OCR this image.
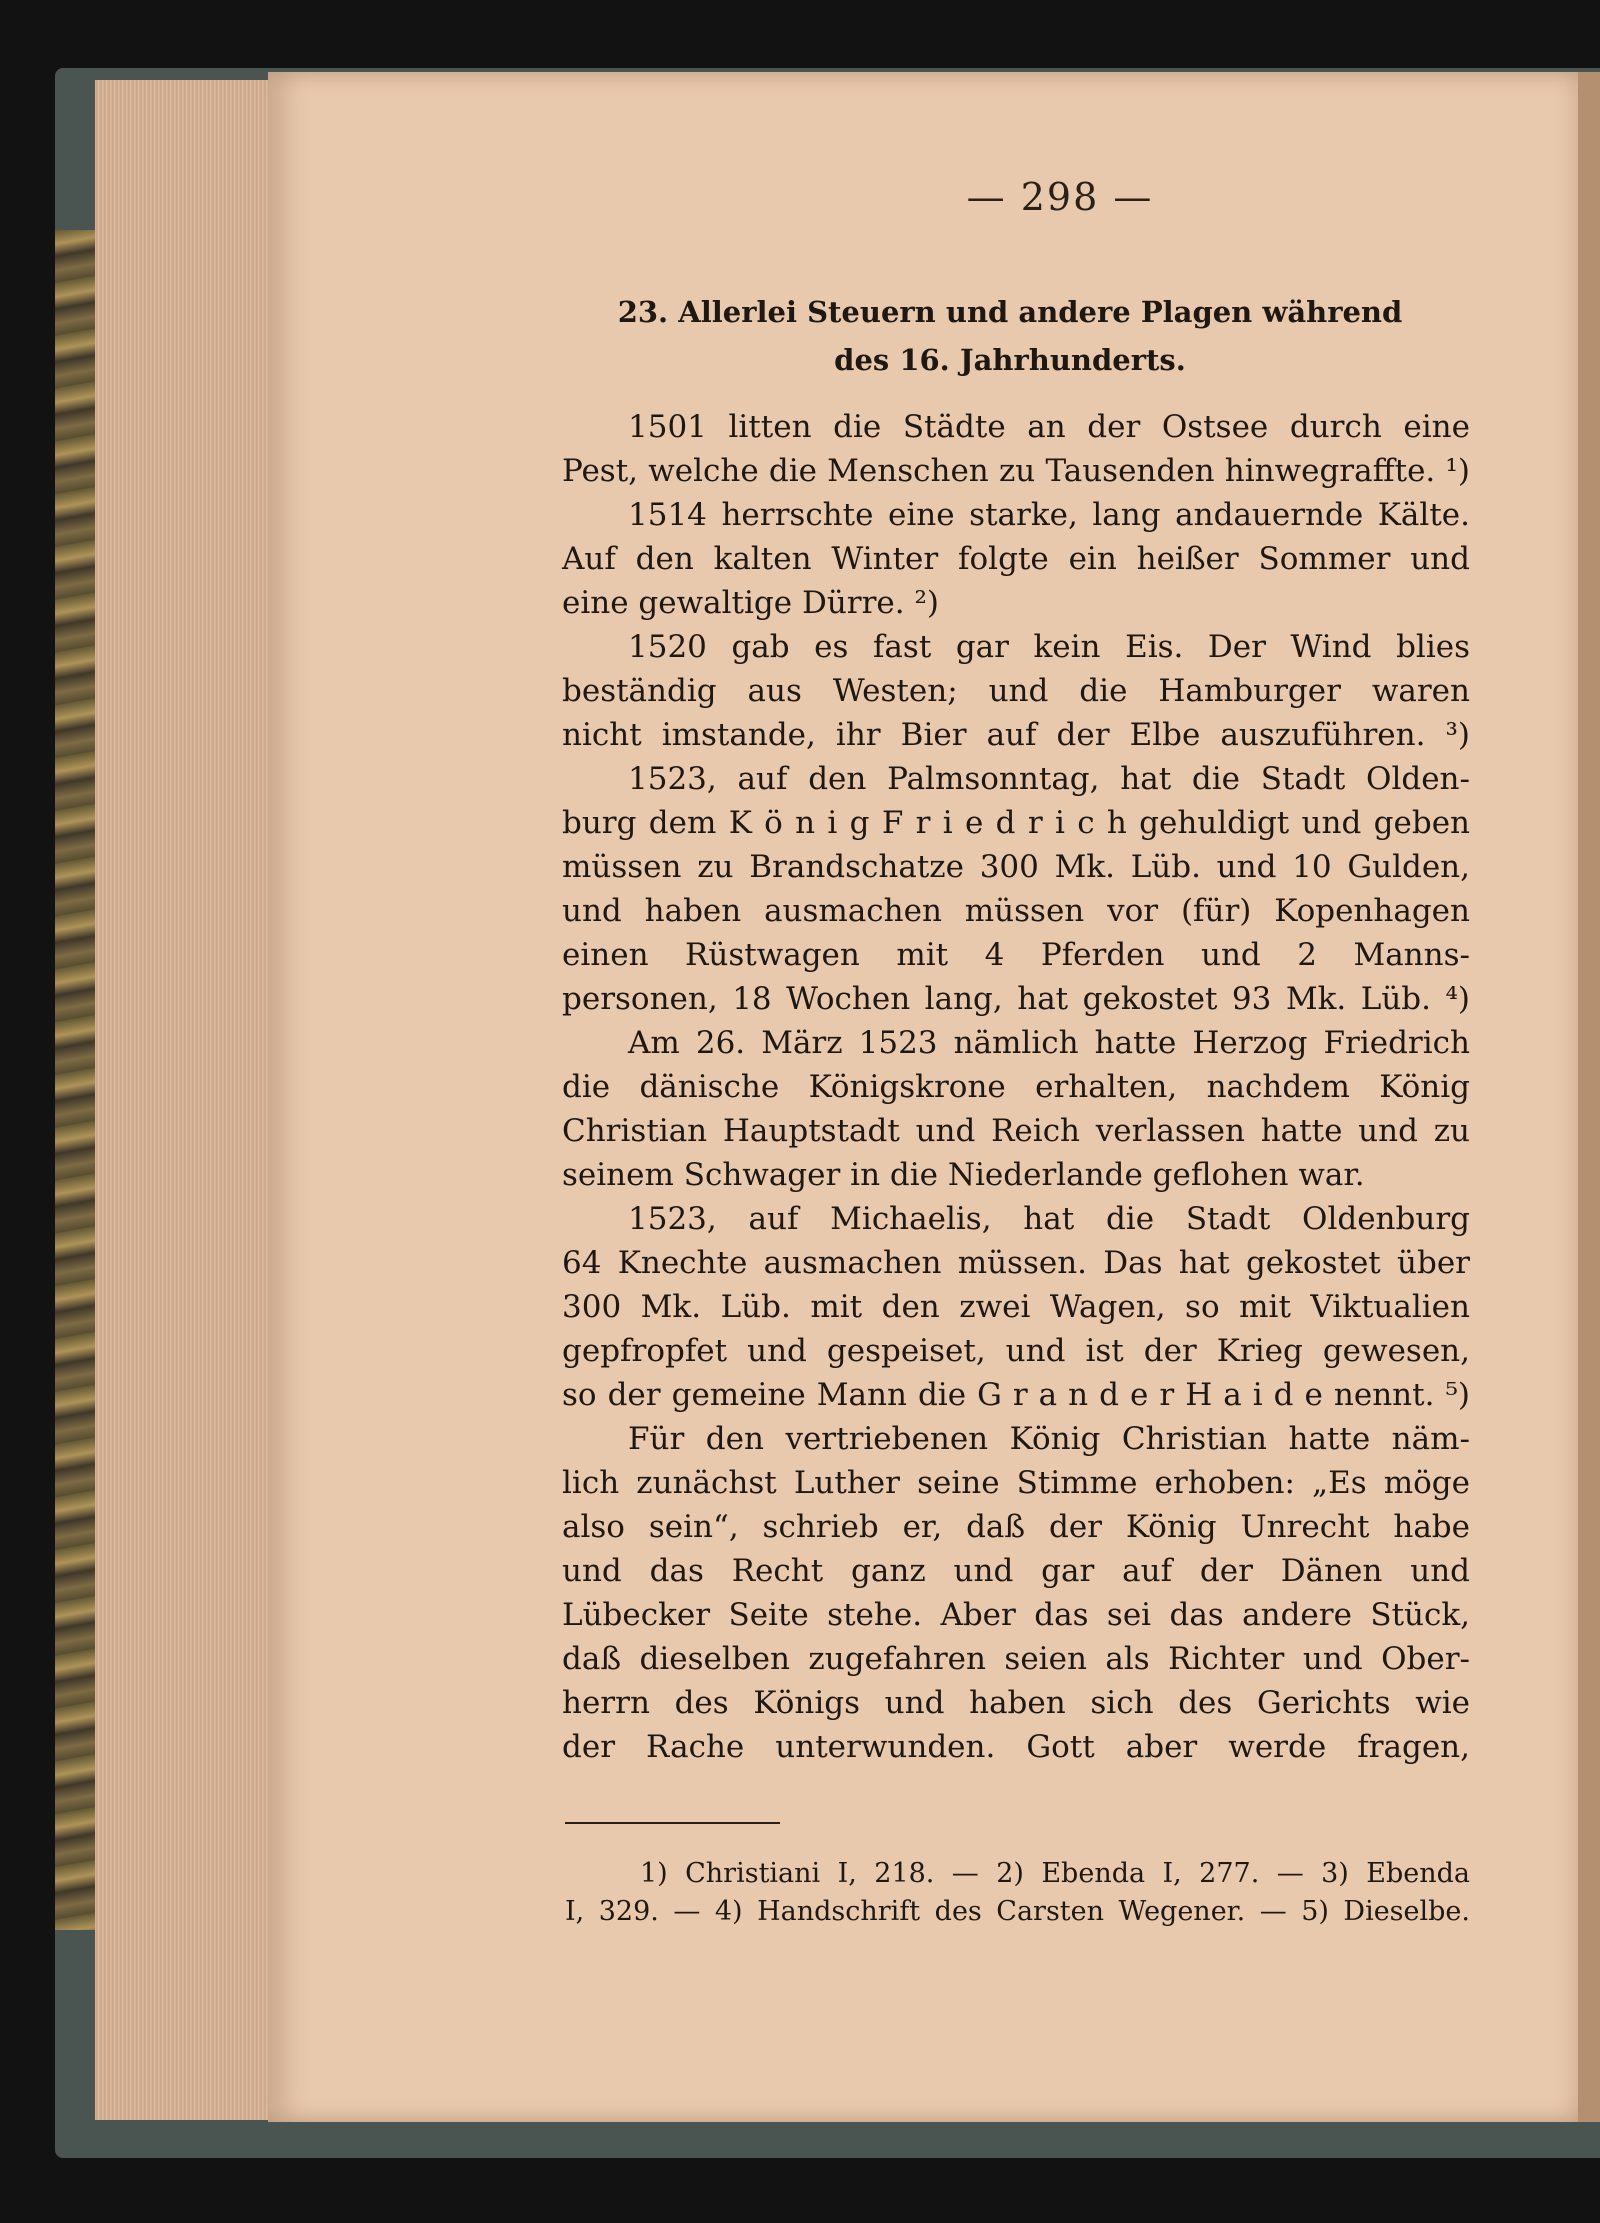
— 298 —
23. Allerlei Steuern und andere Plagen während
des 16. Jahrhunderts.
1501 litten die Städte an der Ostsee durch eine
Pest, welche die Menschen zu Tausenden hinwegraffte. ¹)
1514 herrschte eine starke, lang andauernde Kälte.
Auf den kalten Winter folgte ein heißer Sommer und
eine gewaltige Dürre. ²)
1520 gab es fast gar kein Eis. Der Wind blies
beständig aus Westen; und die Hamburger waren
nicht imstande, ihr Bier auf der Elbe auszuführen. ³)
1523, auf den Palmsonntag, hat die Stadt Olden-
burg dem K ö n i g F r i e d r i c h gehuldigt und geben
müssen zu Brandschatze 300 Mk. Lüb. und 10 Gulden,
und haben ausmachen müssen vor (für) Kopenhagen
einen Rüstwagen mit 4 Pferden und 2 Manns-
personen, 18 Wochen lang, hat gekostet 93 Mk. Lüb. ⁴)
Am 26. März 1523 nämlich hatte Herzog Friedrich
die dänische Königskrone erhalten, nachdem König
Christian Hauptstadt und Reich verlassen hatte und zu
seinem Schwager in die Niederlande geflohen war.
1523, auf Michaelis, hat die Stadt Oldenburg
64 Knechte ausmachen müssen. Das hat gekostet über
300 Mk. Lüb. mit den zwei Wagen, so mit Viktualien
gepfropfet und gespeiset, und ist der Krieg gewesen,
so der gemeine Mann die G r a n d e r H a i d e nennt. ⁵)
Für den vertriebenen König Christian hatte näm-
lich zunächst Luther seine Stimme erhoben: „Es möge
also sein“, schrieb er, daß der König Unrecht habe
und das Recht ganz und gar auf der Dänen und
Lübecker Seite stehe. Aber das sei das andere Stück,
daß dieselben zugefahren seien als Richter und Ober-
herrn des Königs und haben sich des Gerichts wie
der Rache unterwunden. Gott aber werde fragen,
1) Christiani I, 218. — 2) Ebenda I, 277. — 3) Ebenda
I, 329. — 4) Handschrift des Carsten Wegener. — 5) Dieselbe.
